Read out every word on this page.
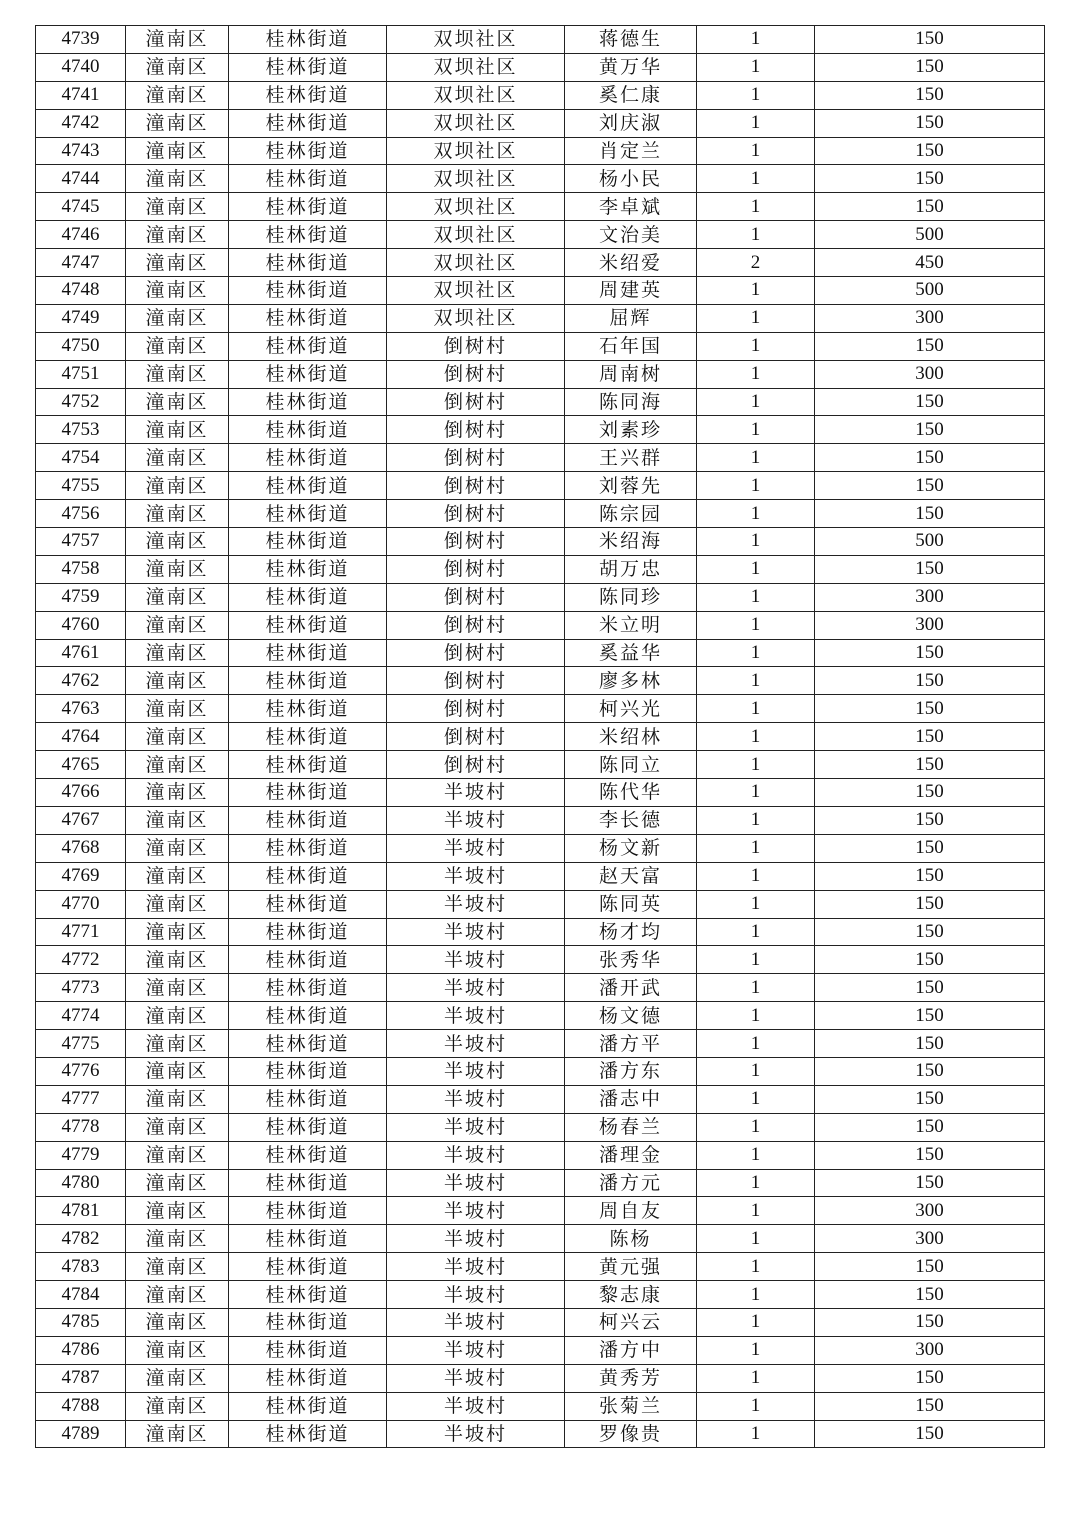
4739	潼南区	桂林街道	双坝社区	蒋德生	1	150
4740	潼南区	桂林街道	双坝社区	黄万华	1	150
4741	潼南区	桂林街道	双坝社区	奚仁康	1	150
4742	潼南区	桂林街道	双坝社区	刘庆淑	1	150
4743	潼南区	桂林街道	双坝社区	肖定兰	1	150
4744	潼南区	桂林街道	双坝社区	杨小民	1	150
4745	潼南区	桂林街道	双坝社区	李卓斌	1	150
4746	潼南区	桂林街道	双坝社区	文治美	1	500
4747	潼南区	桂林街道	双坝社区	米绍爱	2	450
4748	潼南区	桂林街道	双坝社区	周建英	1	500
4749	潼南区	桂林街道	双坝社区	屈辉	1	300
4750	潼南区	桂林街道	倒树村	石年国	1	150
4751	潼南区	桂林街道	倒树村	周南树	1	300
4752	潼南区	桂林街道	倒树村	陈同海	1	150
4753	潼南区	桂林街道	倒树村	刘素珍	1	150
4754	潼南区	桂林街道	倒树村	王兴群	1	150
4755	潼南区	桂林街道	倒树村	刘蓉先	1	150
4756	潼南区	桂林街道	倒树村	陈宗园	1	150
4757	潼南区	桂林街道	倒树村	米绍海	1	500
4758	潼南区	桂林街道	倒树村	胡万忠	1	150
4759	潼南区	桂林街道	倒树村	陈同珍	1	300
4760	潼南区	桂林街道	倒树村	米立明	1	300
4761	潼南区	桂林街道	倒树村	奚益华	1	150
4762	潼南区	桂林街道	倒树村	廖多林	1	150
4763	潼南区	桂林街道	倒树村	柯兴光	1	150
4764	潼南区	桂林街道	倒树村	米绍林	1	150
4765	潼南区	桂林街道	倒树村	陈同立	1	150
4766	潼南区	桂林街道	半坡村	陈代华	1	150
4767	潼南区	桂林街道	半坡村	李长德	1	150
4768	潼南区	桂林街道	半坡村	杨文新	1	150
4769	潼南区	桂林街道	半坡村	赵天富	1	150
4770	潼南区	桂林街道	半坡村	陈同英	1	150
4771	潼南区	桂林街道	半坡村	杨才均	1	150
4772	潼南区	桂林街道	半坡村	张秀华	1	150
4773	潼南区	桂林街道	半坡村	潘开武	1	150
4774	潼南区	桂林街道	半坡村	杨文德	1	150
4775	潼南区	桂林街道	半坡村	潘方平	1	150
4776	潼南区	桂林街道	半坡村	潘方东	1	150
4777	潼南区	桂林街道	半坡村	潘志中	1	150
4778	潼南区	桂林街道	半坡村	杨春兰	1	150
4779	潼南区	桂林街道	半坡村	潘理金	1	150
4780	潼南区	桂林街道	半坡村	潘方元	1	150
4781	潼南区	桂林街道	半坡村	周自友	1	300
4782	潼南区	桂林街道	半坡村	陈杨	1	300
4783	潼南区	桂林街道	半坡村	黄元强	1	150
4784	潼南区	桂林街道	半坡村	黎志康	1	150
4785	潼南区	桂林街道	半坡村	柯兴云	1	150
4786	潼南区	桂林街道	半坡村	潘方中	1	300
4787	潼南区	桂林街道	半坡村	黄秀芳	1	150
4788	潼南区	桂林街道	半坡村	张菊兰	1	150
4789	潼南区	桂林街道	半坡村	罗像贵	1	150
